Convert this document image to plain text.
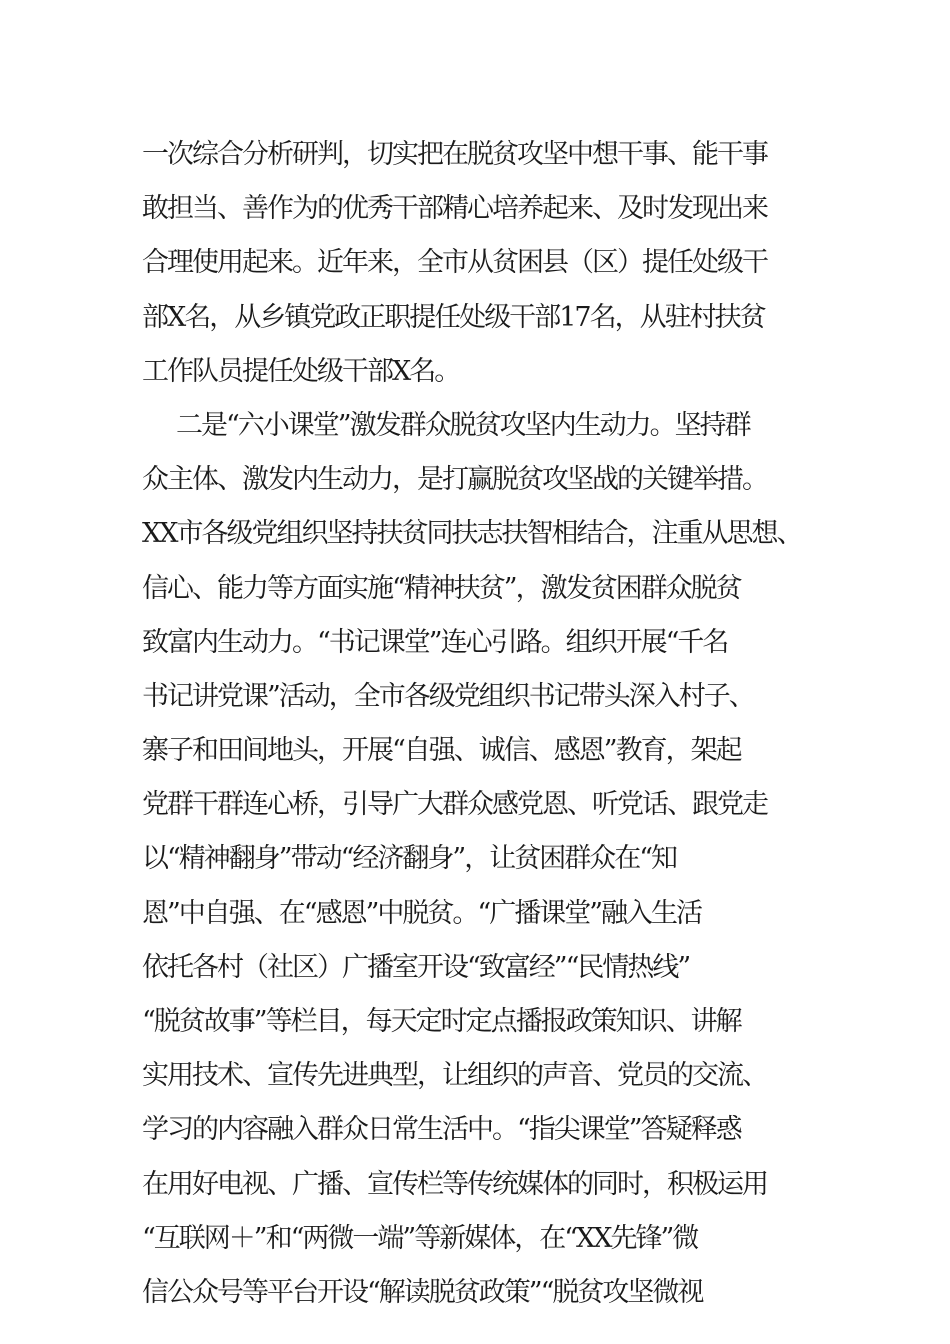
一次综合分析研判，切实把在脱贫攻坚中想干事、能干事
敢担当、善作为的优秀干部精心培养起来、及时发现出来
合理使用起来。近年来，全市从贫困县（区）提任处级干
部X名，从乡镇党政正职提任处级干部17名，从驻村扶贫
工作队员提任处级干部X名。
二是“六小课堂”激发群众脱贫攻坚内生动力。坚持群
众主体、激发内生动力，是打赢脱贫攻坚战的关键举措。
XX市各级党组织坚持扶贫同扶志扶智相结合，注重从思想、
信心、能力等方面实施“精神扶贫”，激发贫困群众脱贫
致富内生动力。“书记课堂”连心引路。组织开展“千名
书记讲党课”活动，全市各级党组织书记带头深入村子、
寨子和田间地头，开展“自强、诚信、感恩”教育，架起
党群干群连心桥，引导广大群众感党恩、听党话、跟党走
以“精神翻身”带动“经济翻身”，让贫困群众在“知
恩”中自强、在“感恩”中脱贫。“广播课堂”融入生活
依托各村（社区）广播室开设“致富经”“民情热线”
“脱贫故事”等栏目，每天定时定点播报政策知识、讲解
实用技术、宣传先进典型，让组织的声音、党员的交流、
学习的内容融入群众日常生活中。“指尖课堂”答疑释惑
在用好电视、广播、宣传栏等传统媒体的同时，积极运用
“互联网＋”和“两微一端”等新媒体，在“XX先锋”微
信公众号等平台开设“解读脱贫政策”“脱贫攻坚微视
